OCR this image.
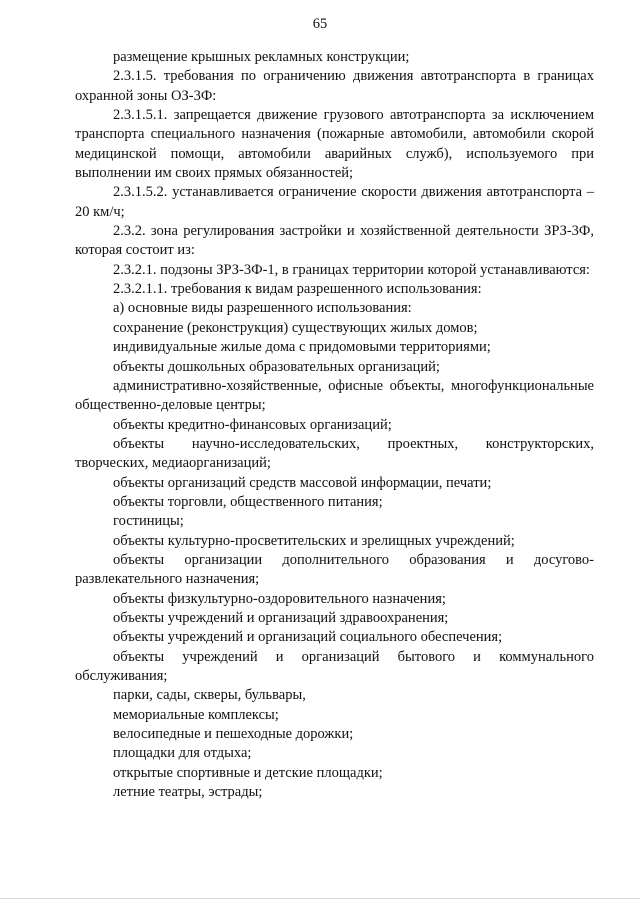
65

размещение крышных рекламных конструкции;

2.3.1.5. требования по ограничению движения автотранспорта в границах охранной зоны ОЗ-3Ф:

2.3.1.5.1. запрещается движение грузового автотранспорта за исключением транспорта специального назначения (пожарные автомобили, автомобили скорой медицинской помощи, автомобили аварийных служб), используемого при выполнении им своих прямых обязанностей;

2.3.1.5.2. устанавливается ограничение скорости движения автотранспорта – 20 км/ч;

2.3.2. зона регулирования застройки и хозяйственной деятельности ЗРЗ-3Ф, которая состоит из:

2.3.2.1. подзоны ЗРЗ-3Ф-1, в границах территории которой устанавливаются:

2.3.2.1.1. требования к видам разрешенного использования:

а) основные виды разрешенного использования:

сохранение (реконструкция) существующих жилых домов;

индивидуальные жилые дома с придомовыми территориями;

объекты дошкольных образовательных организаций;

административно-хозяйственные, офисные объекты, многофункциональные общественно-деловые центры;

объекты кредитно-финансовых организаций;

объекты научно-исследовательских, проектных, конструкторских, творческих, медиаорганизаций;

объекты организаций средств массовой информации, печати;

объекты торговли, общественного питания;

гостиницы;

объекты культурно-просветительских и зрелищных учреждений;

объекты организации дополнительного образования и досугово-развлекательного назначения;

объекты физкультурно-оздоровительного назначения;

объекты учреждений и организаций здравоохранения;

объекты учреждений и организаций социального обеспечения;

объекты учреждений и организаций бытового и коммунального обслуживания;

парки, сады, скверы, бульвары,

мемориальные комплексы;

велосипедные и пешеходные дорожки;

площадки для отдыха;

открытые спортивные и детские площадки;

летние театры, эстрады;
